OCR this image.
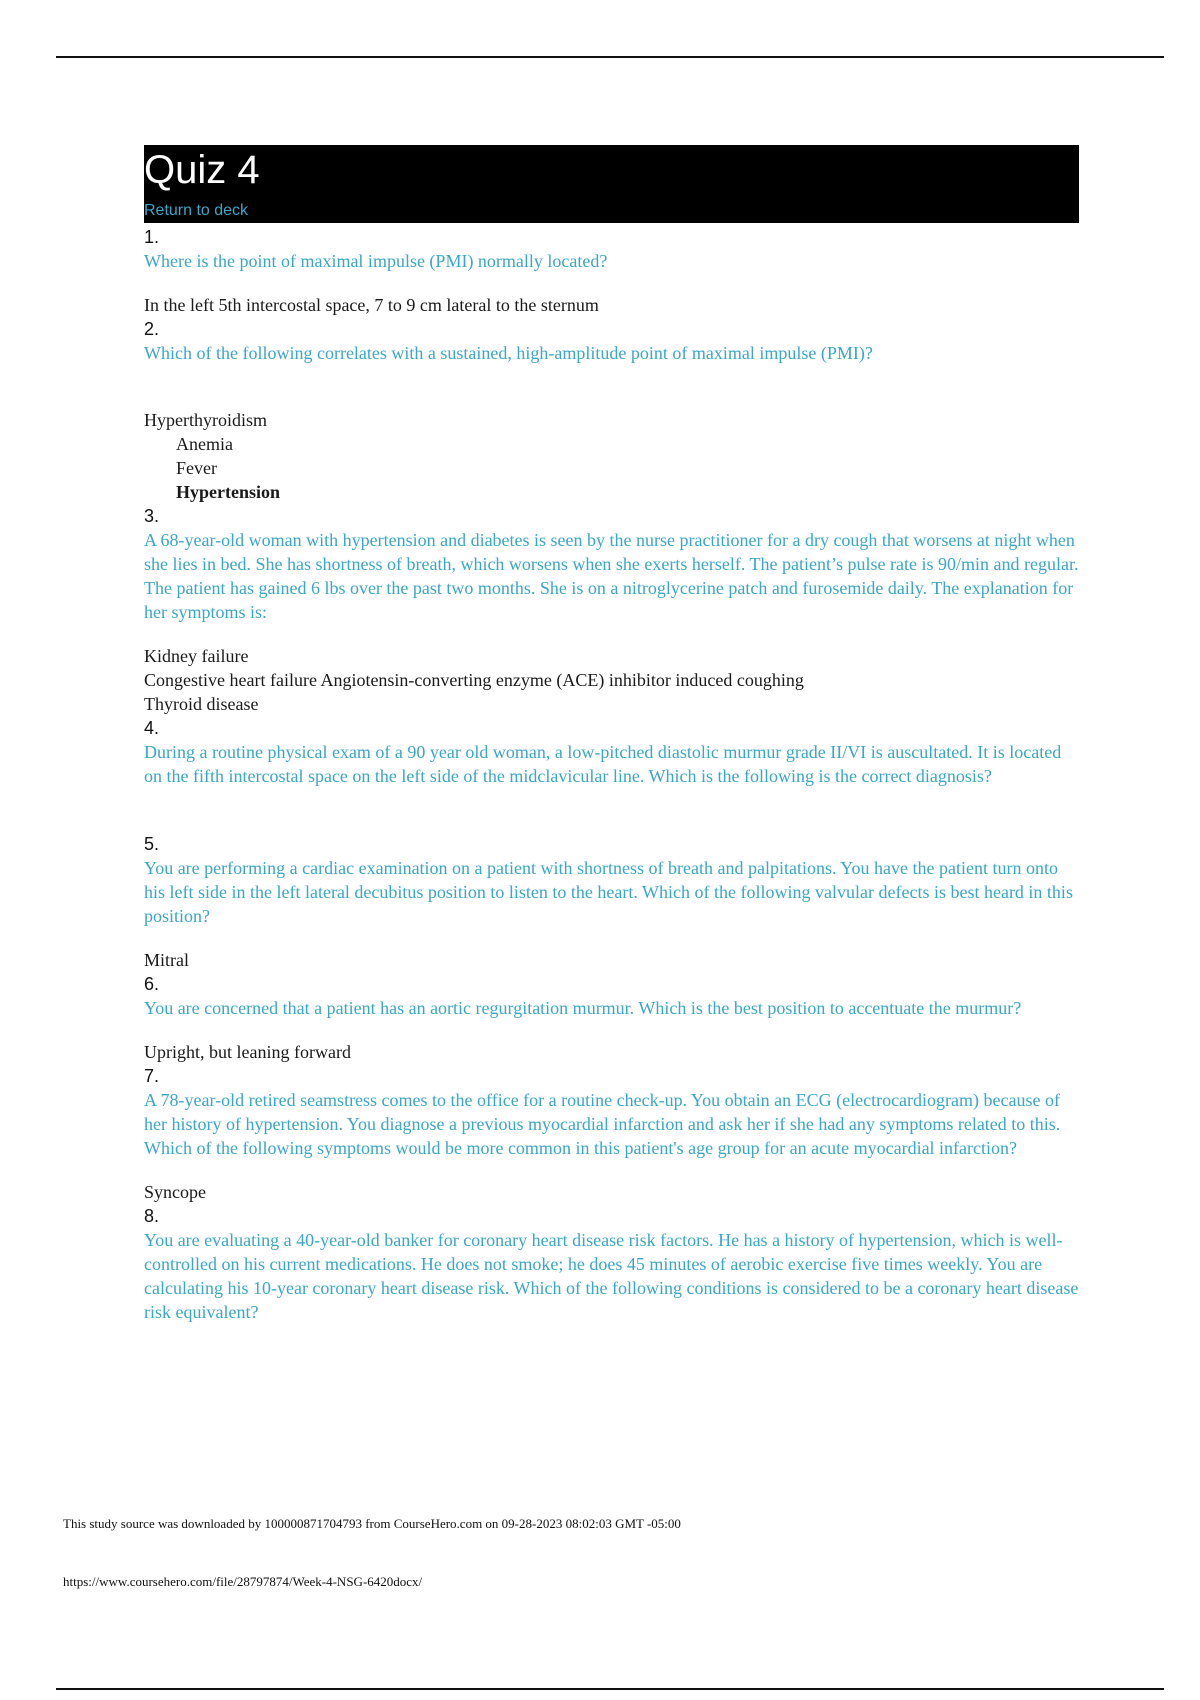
Quiz 4
Return to deck
1.
Where is the point of maximal impulse (PMI) normally located?
In the left 5th intercostal space, 7 to 9 cm lateral to the sternum
2.
Which of the following correlates with a sustained, high-amplitude point of maximal impulse (PMI)?
Hyperthyroidism
Anemia
Fever
Hypertension
3.
A 68-year-old woman with hypertension and diabetes is seen by the nurse practitioner for a dry cough that worsens at night when she lies in bed. She has shortness of breath, which worsens when she exerts herself. The patient’s pulse rate is 90/min and regular. The patient has gained 6 lbs over the past two months. She is on a nitroglycerine patch and furosemide daily. The explanation for her symptoms is:
Kidney failure
Congestive heart failure Angiotensin-converting enzyme (ACE) inhibitor induced coughing
Thyroid disease
4.
During a routine physical exam of a 90 year old woman, a low-pitched diastolic murmur grade II/VI is auscultated. It is located on the fifth intercostal space on the left side of the midclavicular line. Which is the following is the correct diagnosis?
5.
You are performing a cardiac examination on a patient with shortness of breath and palpitations. You have the patient turn onto his left side in the left lateral decubitus position to listen to the heart. Which of the following valvular defects is best heard in this position?
Mitral
6.
You are concerned that a patient has an aortic regurgitation murmur. Which is the best position to accentuate the murmur?
Upright, but leaning forward
7.
A 78-year-old retired seamstress comes to the office for a routine check-up. You obtain an ECG (electrocardiogram) because of her history of hypertension. You diagnose a previous myocardial infarction and ask her if she had any symptoms related to this. Which of the following symptoms would be more common in this patient's age group for an acute myocardial infarction?
Syncope
8.
You are evaluating a 40-year-old banker for coronary heart disease risk factors. He has a history of hypertension, which is well-controlled on his current medications. He does not smoke; he does 45 minutes of aerobic exercise five times weekly. You are calculating his 10-year coronary heart disease risk. Which of the following conditions is considered to be a coronary heart disease risk equivalent?
This study source was downloaded by 100000871704793 from CourseHero.com on 09-28-2023 08:02:03 GMT -05:00
https://www.coursehero.com/file/28797874/Week-4-NSG-6420docx/
